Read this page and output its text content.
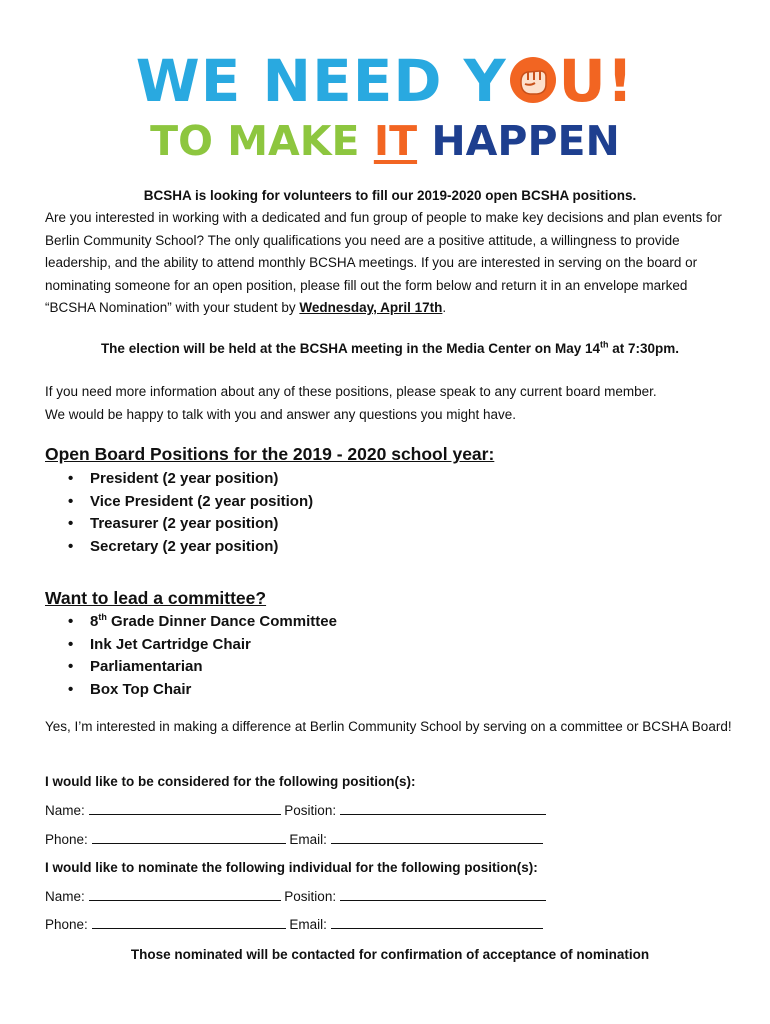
WE NEED Y U!
TO MAKE IT HAPPEN
BCSHA is looking for volunteers to fill our 2019-2020 open BCSHA positions.
Are you interested in working with a dedicated and fun group of people to make key decisions and plan events for Berlin Community School? The only qualifications you need are a positive attitude, a willingness to provide leadership, and the ability to attend monthly BCSHA meetings. If you are interested in serving on the board or nominating someone for an open position, please fill out the form below and return it in an envelope marked “BCSHA Nomination” with your student by Wednesday, April 17th.
The election will be held at the BCSHA meeting in the Media Center on May 14th at 7:30pm.
If you need more information about any of these positions, please speak to any current board member.
We would be happy to talk with you and answer any questions you might have.
Open Board Positions for the 2019 - 2020 school year:
• President (2 year position)
• Vice President (2 year position)
• Treasurer (2 year position)
• Secretary (2 year position)
Want to lead a committee?
• 8th Grade Dinner Dance Committee
• Ink Jet Cartridge Chair
• Parliamentarian
• Box Top Chair
Yes, I’m interested in making a difference at Berlin Community School by serving on a committee or BCSHA Board!
I would like to be considered for the following position(s):
Name:	Position:
Phone:	Email:
I would like to nominate the following individual for the following position(s):
Name:	Position:
Phone:	Email:
Those nominated will be contacted for confirmation of acceptance of nomination
